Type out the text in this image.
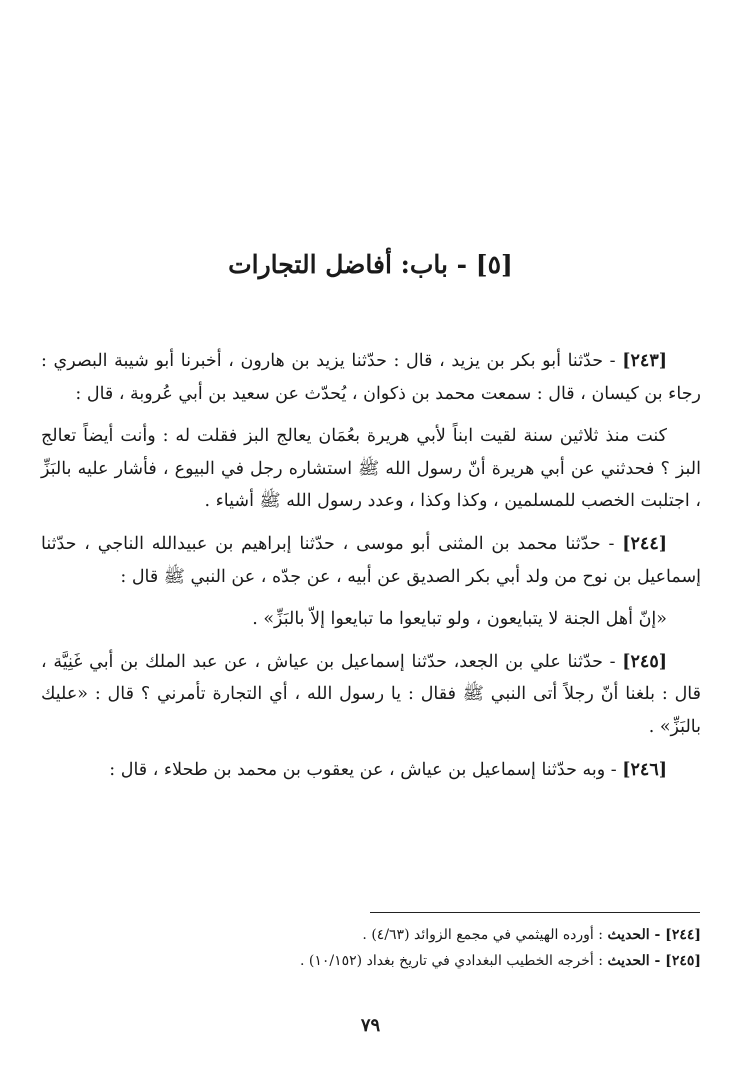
[٥] - باب: أفاضل التجارات

[٢٤٣] - حدّثنا أبو بكر بن يزيد ، قال : حدّثنا يزيد بن هارون ، أخبرنا أبو شيبة البصري : رجاء بن كيسان ، قال : سمعت محمد بن ذكوان ، يُحدّث عن سعيد بن أبي عُروبة ، قال :

كنت منذ ثلاثين سنة لقيت ابناً لأبي هريرة بعُمَان يعالج البز فقلت له : وأنت أيضاً تعالج البز ؟ فحدثني عن أبي هريرة أنّ رسول الله ﷺ استشاره رجل في البيوع ، فأشار عليه بالبَزِّ ، اجتلبت الخصب للمسلمين ، وكذا وكذا ، وعدد رسول الله ﷺ أشياء .

[٢٤٤] - حدّثنا محمد بن المثنى أبو موسى ، حدّثنا إبراهيم بن عبيدالله الناجي ، حدّثنا إسماعيل بن نوح من ولد أبي بكر الصديق عن أبيه ، عن جدّه ، عن النبي ﷺ قال :

«إنّ أهل الجنة لا يتبايعون ، ولو تبايعوا ما تبايعوا إلاّ بالبَزِّ» .

[٢٤٥] - حدّثنا علي بن الجعد، حدّثنا إسماعيل بن عياش ، عن عبد الملك بن أبي غَنِيَّة ، قال : بلغنا أنّ رجلاً أتى النبي ﷺ فقال : يا رسول الله ، أي التجارة تأمرني ؟ قال : «عليك بالبَزِّ» .

[٢٤٦] - وبه حدّثنا إسماعيل بن عياش ، عن يعقوب بن محمد بن طحلاء ، قال :

[٢٤٤] - الحديث : أورده الهيثمي في مجمع الزوائد (٤/٦٣) .

[٢٤٥] - الحديث : أخرجه الخطيب البغدادي في تاريخ بغداد (١٠/١٥٢) .

٧٩
